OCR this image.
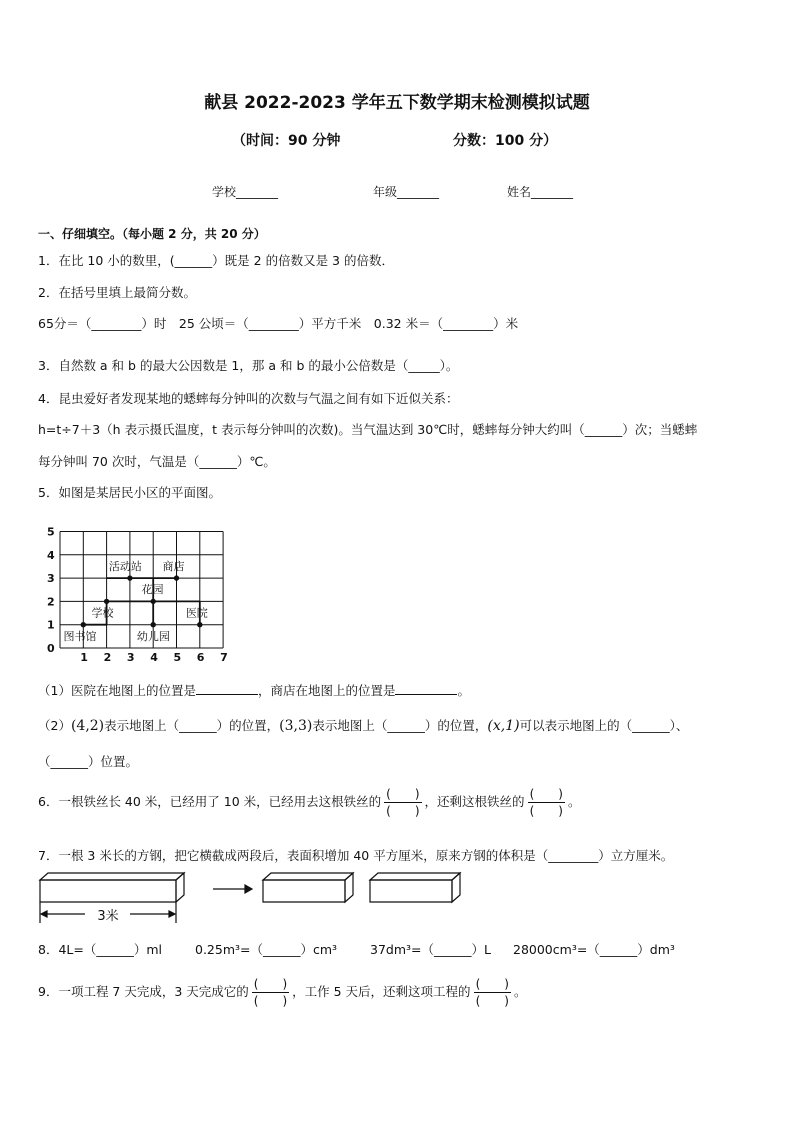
献县 2022-2023 学年五下数学期末检测模拟试题
（时间：90 分钟	分数：100 分）
学校_______	年级_______	姓名_______
一、仔细填空。（每小题 2 分，共 20 分）
1．在比 10 小的数里，(______）既是 2 的倍数又是 3 的倍数．
2．在括号里填上最简分数。
65分＝（________）时　25 公顷＝（________）平方千米　0.32 米＝（________）米
3．自然数 a 和 b 的最大公因数是 1，那 a 和 b 的最小公倍数是（_____）。
4．昆虫爱好者发现某地的蟋蟀每分钟叫的次数与气温之间有如下近似关系：
h=t÷7＋3（h 表示摄氏温度，t 表示每分钟叫的次数)。当气温达到 30℃时，蟋蟀每分钟大约叫（______）次；当蟋蟀
每分钟叫 70 次时，气温是（______）℃。
5．如图是某居民小区的平面图。
1 2 3 4 5 6 7
0
1
2
3
4
5
活动站 商店
花园
学校	医院
图书馆	幼儿园
（1）医院在地图上的位置是	，商店在地图上的位置是	。
（2）(4,2)表示地图上（______）的位置，(3,3)表示地图上（______）的位置，(x,1)可以表示地图上的（______）、
（______）位置。
6．一根铁丝长 40 米，已经用了 10 米，已经用去这根铁丝的 $\frac{( )}{( )}$ ，还剩这根铁丝的 $\frac{( )}{( )}$ 。
7．一根 3 米长的方钢，把它横截成两段后，表面积增加 40 平方厘米，原来方钢的体积是（________）立方厘米。
3米
8．4L=（______）ml	0.25m³=（______）cm³	37dm³=（______）L 28000cm³=（______）dm³
9．一项工程 7 天完成，3 天完成它的 $\frac{( )}{( )}$ ，工作 5 天后，还剩这项工程的 $\frac{( )}{( )}$ 。
